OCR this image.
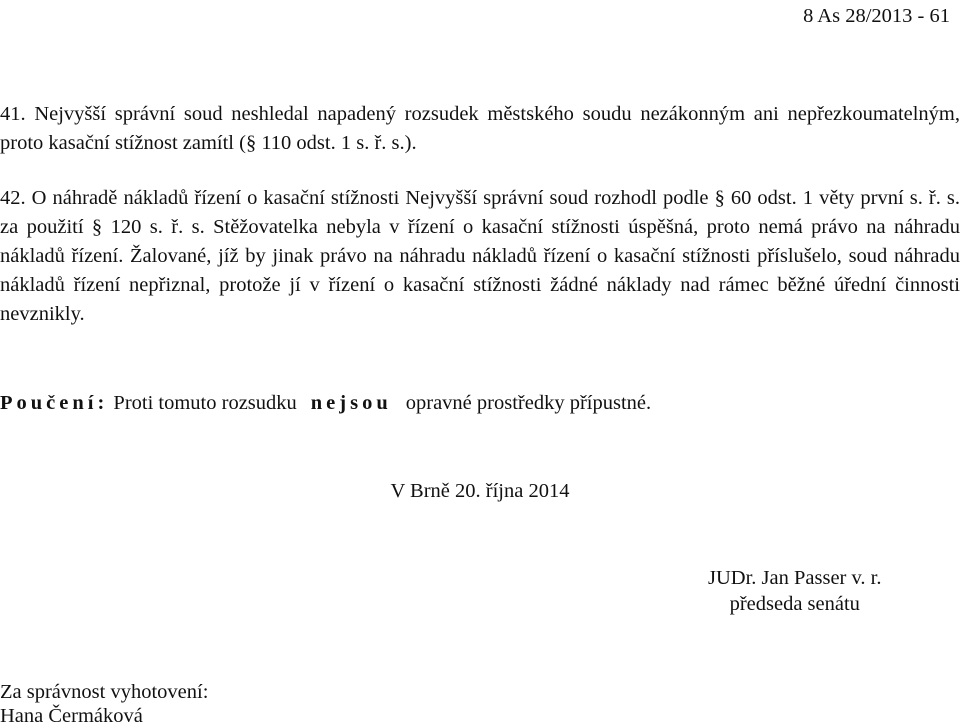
8 As 28/2013 - 61
41. Nejvyšší správní soud neshledal napadený rozsudek městského soudu nezákonným ani nepřezkoumatelným, proto kasační stížnost zamítl (§ 110 odst. 1 s. ř. s.).
42. O náhradě nákladů řízení o kasační stížnosti Nejvyšší správní soud rozhodl podle § 60 odst. 1 věty první s. ř. s. za použití § 120 s. ř. s. Stěžovatelka nebyla v řízení o kasační stížnosti úspěšná, proto nemá právo na náhradu nákladů řízení. Žalované, jíž by jinak právo na náhradu nákladů řízení o kasační stížnosti příslušelo, soud náhradu nákladů řízení nepřiznal, protože jí v řízení o kasační stížnosti žádné náklady nad rámec běžné úřední činnosti nevznikly.
Poučení: Proti tomuto rozsudku nejsou opravné prostředky přípustné.
V Brně 20. října 2014
JUDr. Jan Passer v. r.
předseda senátu
Za správnost vyhotovení:
Hana Čermáková
